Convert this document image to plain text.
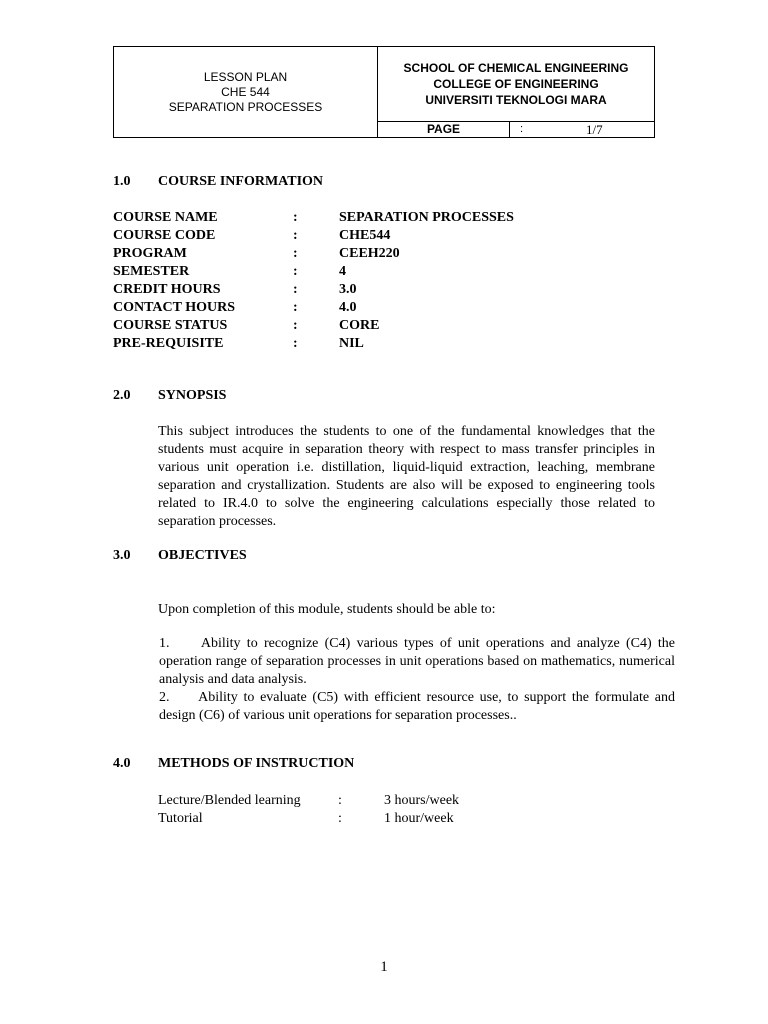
LESSON PLAN
CHE 544
SEPARATION PROCESSES
SCHOOL OF CHEMICAL ENGINEERING
COLLEGE OF ENGINEERING
UNIVERSITI TEKNOLOGI MARA
PAGE	:	1/7
1.0 COURSE INFORMATION
COURSE NAME	:	SEPARATION PROCESSES
COURSE CODE	:	CHE544
PROGRAM	:	CEEH220
SEMESTER	:	4
CREDIT HOURS	:	3.0
CONTACT HOURS	:	4.0
COURSE STATUS	:	CORE
PRE-REQUISITE	:	NIL
2.0 SYNOPSIS
This subject introduces the students to one of the fundamental knowledges that the students must acquire in separation theory with respect to mass transfer principles in various unit operation i.e. distillation, liquid-liquid extraction, leaching, membrane separation and crystallization. Students are also will be exposed to engineering tools related to IR.4.0 to solve the engineering calculations especially those related to separation processes.
3.0 OBJECTIVES
Upon completion of this module, students should be able to:

1. Ability to recognize (C4) various types of unit operations and analyze (C4) the operation range of separation processes in unit operations based on mathematics, numerical analysis and data analysis.

2. Ability to evaluate (C5) with efficient resource use, to support the formulate and design (C6) of various unit operations for separation processes..

4.0 METHODS OF INSTRUCTION
Lecture/Blended learning	:	3 hours/week
Tutorial	:	1 hour/week
1
